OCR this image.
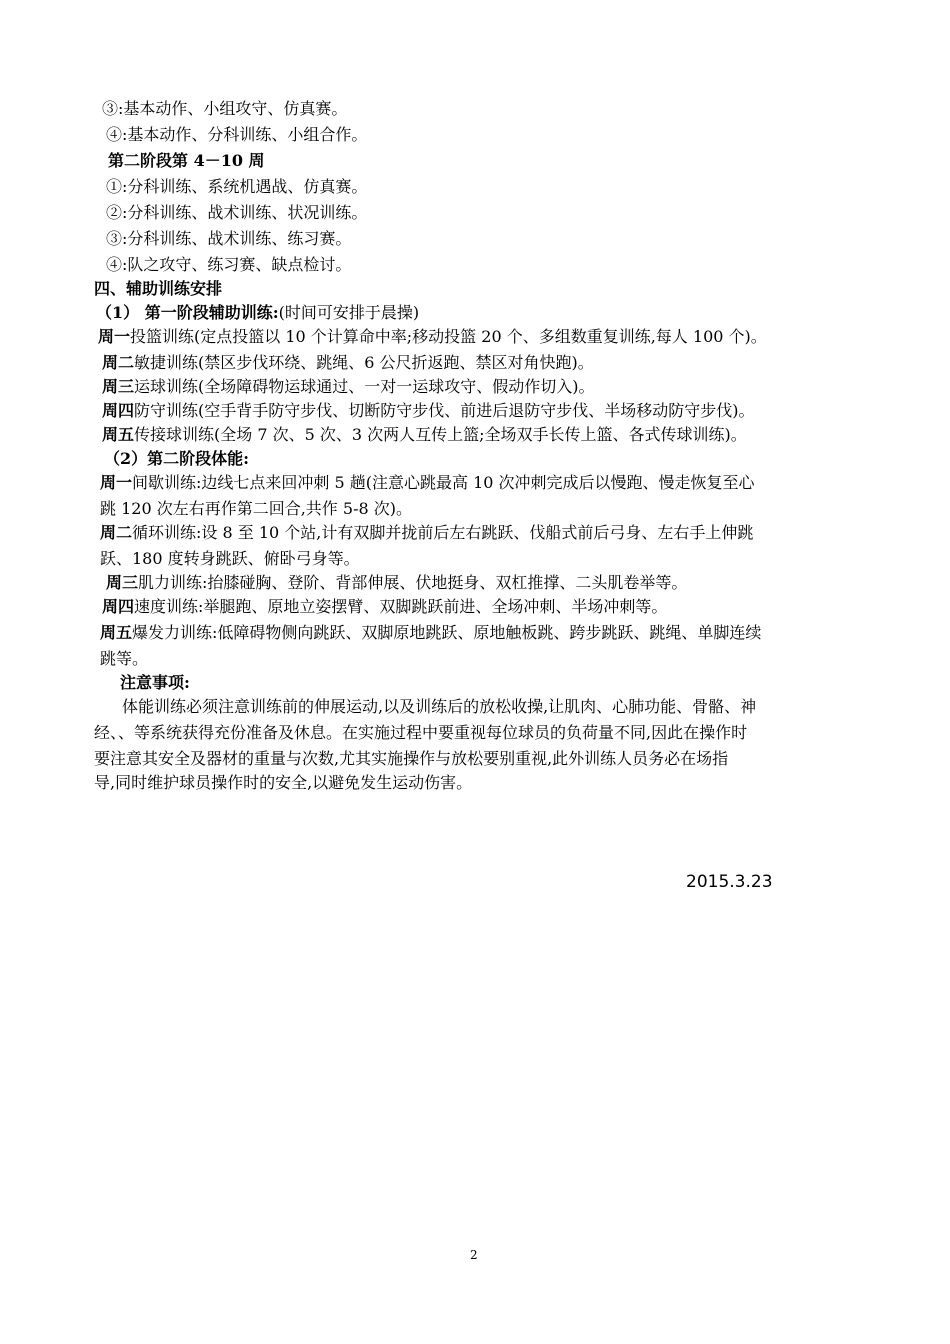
③:基本动作、小组攻守、仿真赛。
④:基本动作、分科训练、小组合作。
第二阶段第 4－10 周
①:分科训练、系统机遇战、仿真赛。
②:分科训练、战术训练、状况训练。
③:分科训练、战术训练、练习赛。
④:队之攻守、练习赛、缺点检讨。
四、辅助训练安排
（1） 第一阶段辅助训练:(时间可安排于晨操)
周一投篮训练(定点投篮以 10 个计算命中率;移动投篮 20 个、多组数重复训练,每人 100 个)。
周二敏捷训练(禁区步伐环绕、跳绳、6 公尺折返跑、禁区对角快跑)。
周三运球训练(全场障碍物运球通过、一对一运球攻守、假动作切入)。
周四防守训练(空手背手防守步伐、切断防守步伐、前进后退防守步伐、半场移动防守步伐)。
周五传接球训练(全场 7 次、5 次、3 次两人互传上篮;全场双手长传上篮、各式传球训练)。
（2）第二阶段体能:
周一间歇训练:边线七点来回冲刺 5 趟(注意心跳最高 10 次冲刺完成后以慢跑、慢走恢复至心
跳 120 次左右再作第二回合,共作 5-8 次)。
周二循环训练:设 8 至 10 个站,计有双脚并拢前后左右跳跃、伐船式前后弓身、左右手上伸跳
跃、180 度转身跳跃、俯卧弓身等。
周三肌力训练:抬膝碰胸、登阶、背部伸展、伏地挺身、双杠推撑、二头肌卷举等。
周四速度训练:举腿跑、原地立姿摆臂、双脚跳跃前进、全场冲刺、半场冲刺等。
周五爆发力训练:低障碍物侧向跳跃、双脚原地跳跃、原地触板跳、跨步跳跃、跳绳、单脚连续
跳等。
注意事项:
体能训练必须注意训练前的伸展运动,以及训练后的放松收操,让肌肉、心肺功能、骨骼、神
经、、等系统获得充份准备及休息。在实施过程中要重视每位球员的负荷量不同,因此在操作时
要注意其安全及器材的重量与次数,尤其实施操作与放松要别重视,此外训练人员务必在场指
导,同时维护球员操作时的安全,以避免发生运动伤害。
2015.3.23
2
